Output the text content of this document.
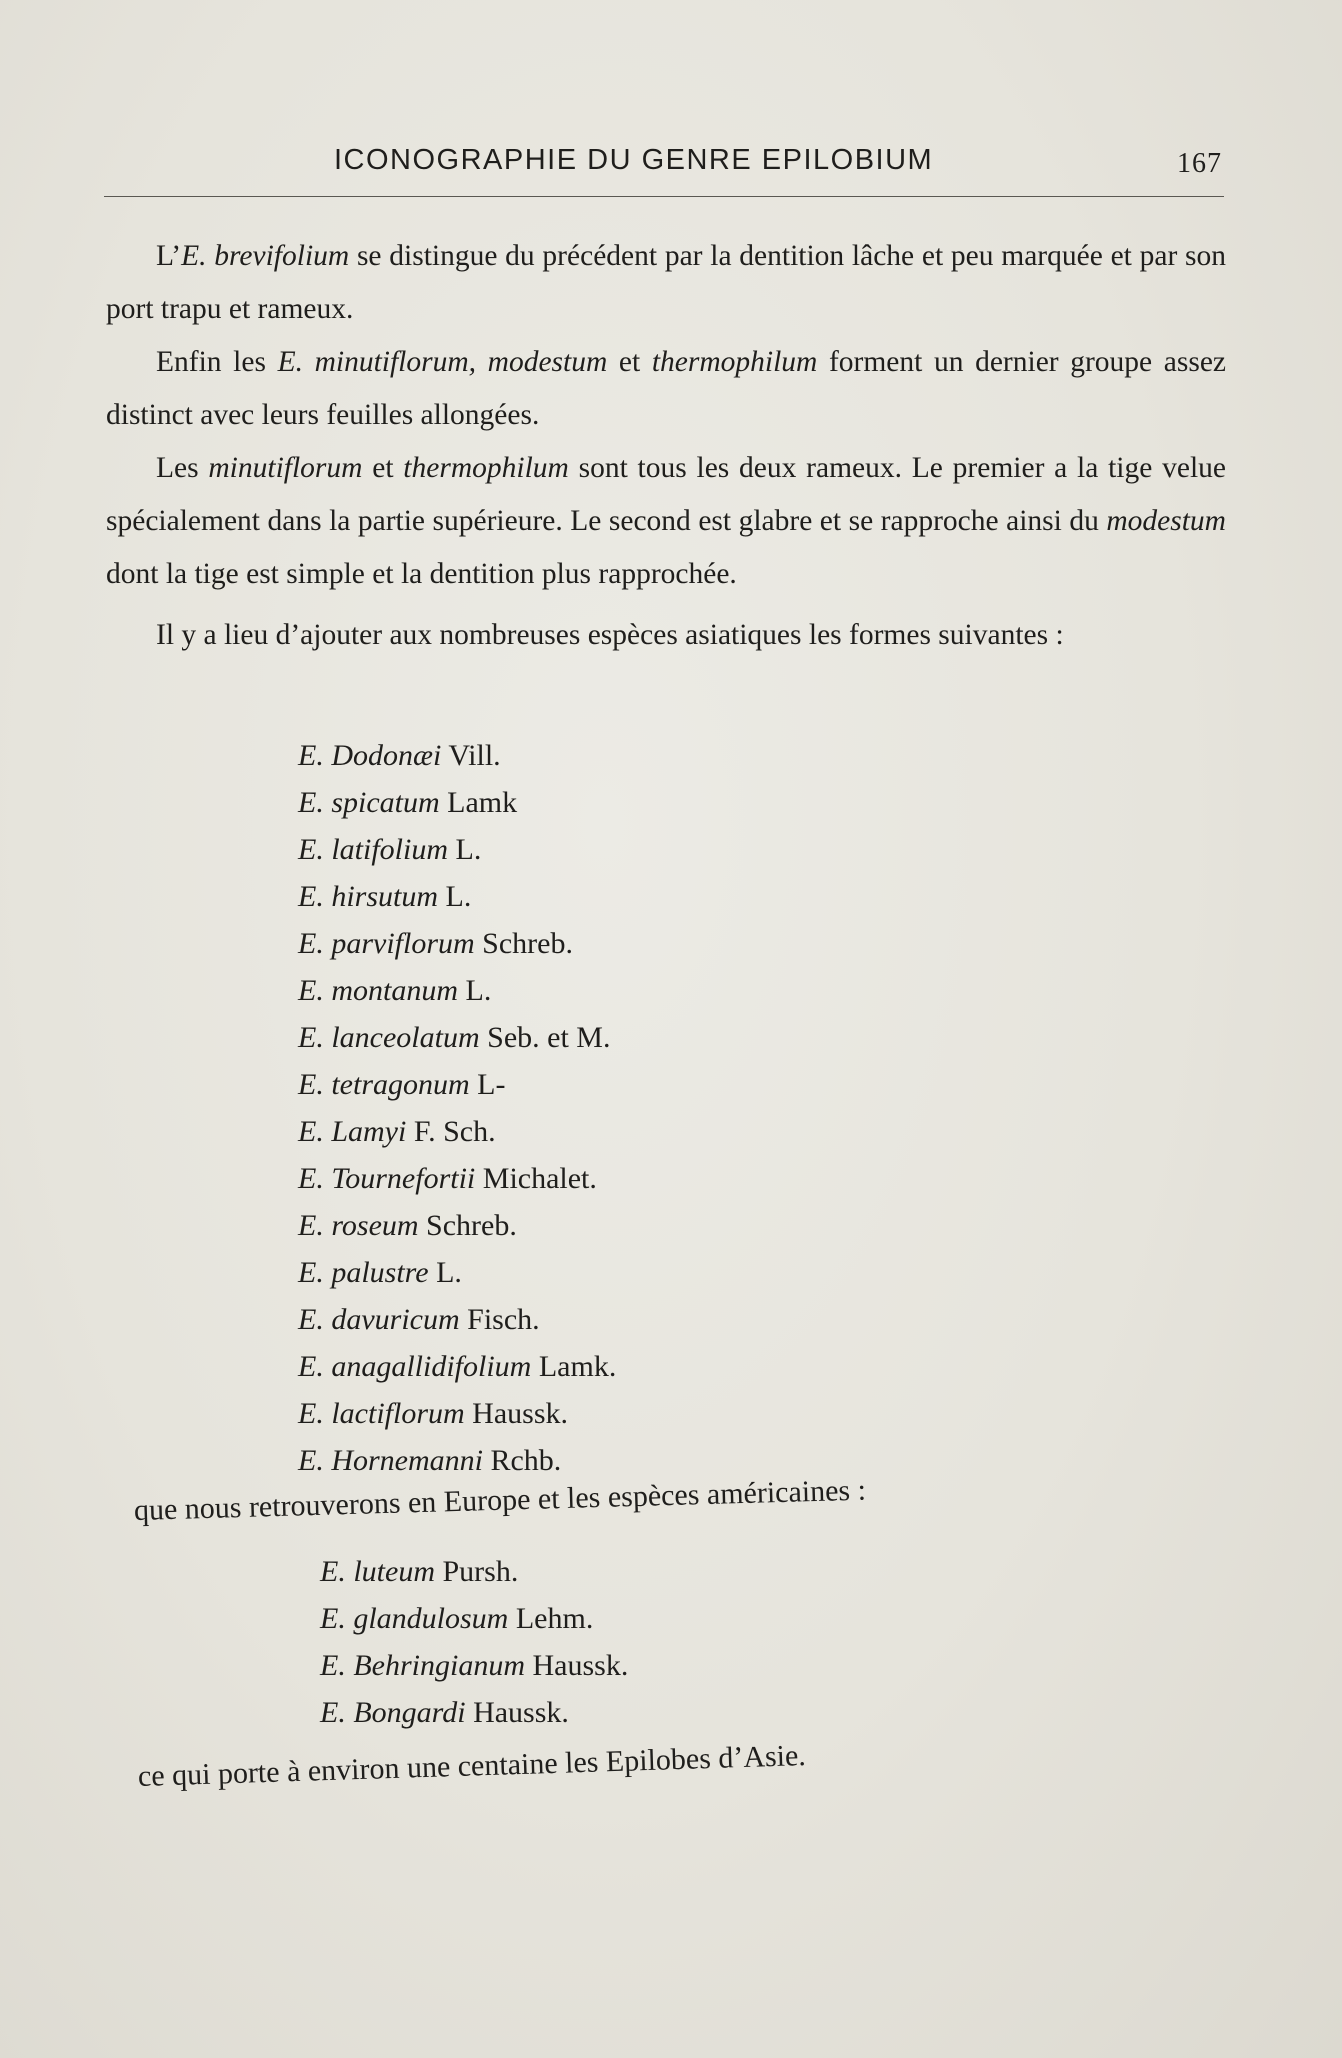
ICONOGRAPHIE DU GENRE EPILOBIUM	167

L’E. brevifolium se distingue du précédent par la dentition lâche et peu marquée et par son port trapu et rameux.

Enfin les E. minutiflorum, modestum et thermophilum forment un dernier groupe assez distinct avec leurs feuilles allongées.

Les minutiflorum et thermophilum sont tous les deux rameux. Le premier a la tige velue spécialement dans la partie supérieure. Le second est glabre et se rapproche ainsi du modestum dont la tige est simple et la dentition plus rapprochée.

Il y a lieu d’ajouter aux nombreuses espèces asiatiques les formes suivantes :

E. Dodonæi Vill.
E. spicatum Lamk
E. latifolium L.
E. hirsutum L.
E. parviflorum Schreb.
E. montanum L.
E. lanceolatum Seb. et M.
E. tetragonum L-
E. Lamyi F. Sch.
E. Tournefortii Michalet.
E. roseum Schreb.
E. palustre L.
E. davuricum Fisch.
E. anagallidifolium Lamk.
E. lactiflorum Haussk.
E. Hornemanni Rchb.
que nous retrouverons en Europe et les espèces américaines :
E. luteum Pursh.
E. glandulosum Lehm.
E. Behringianum Haussk.
E. Bongardi Haussk.
ce qui porte à environ une centaine les Epilobes d’Asie.
